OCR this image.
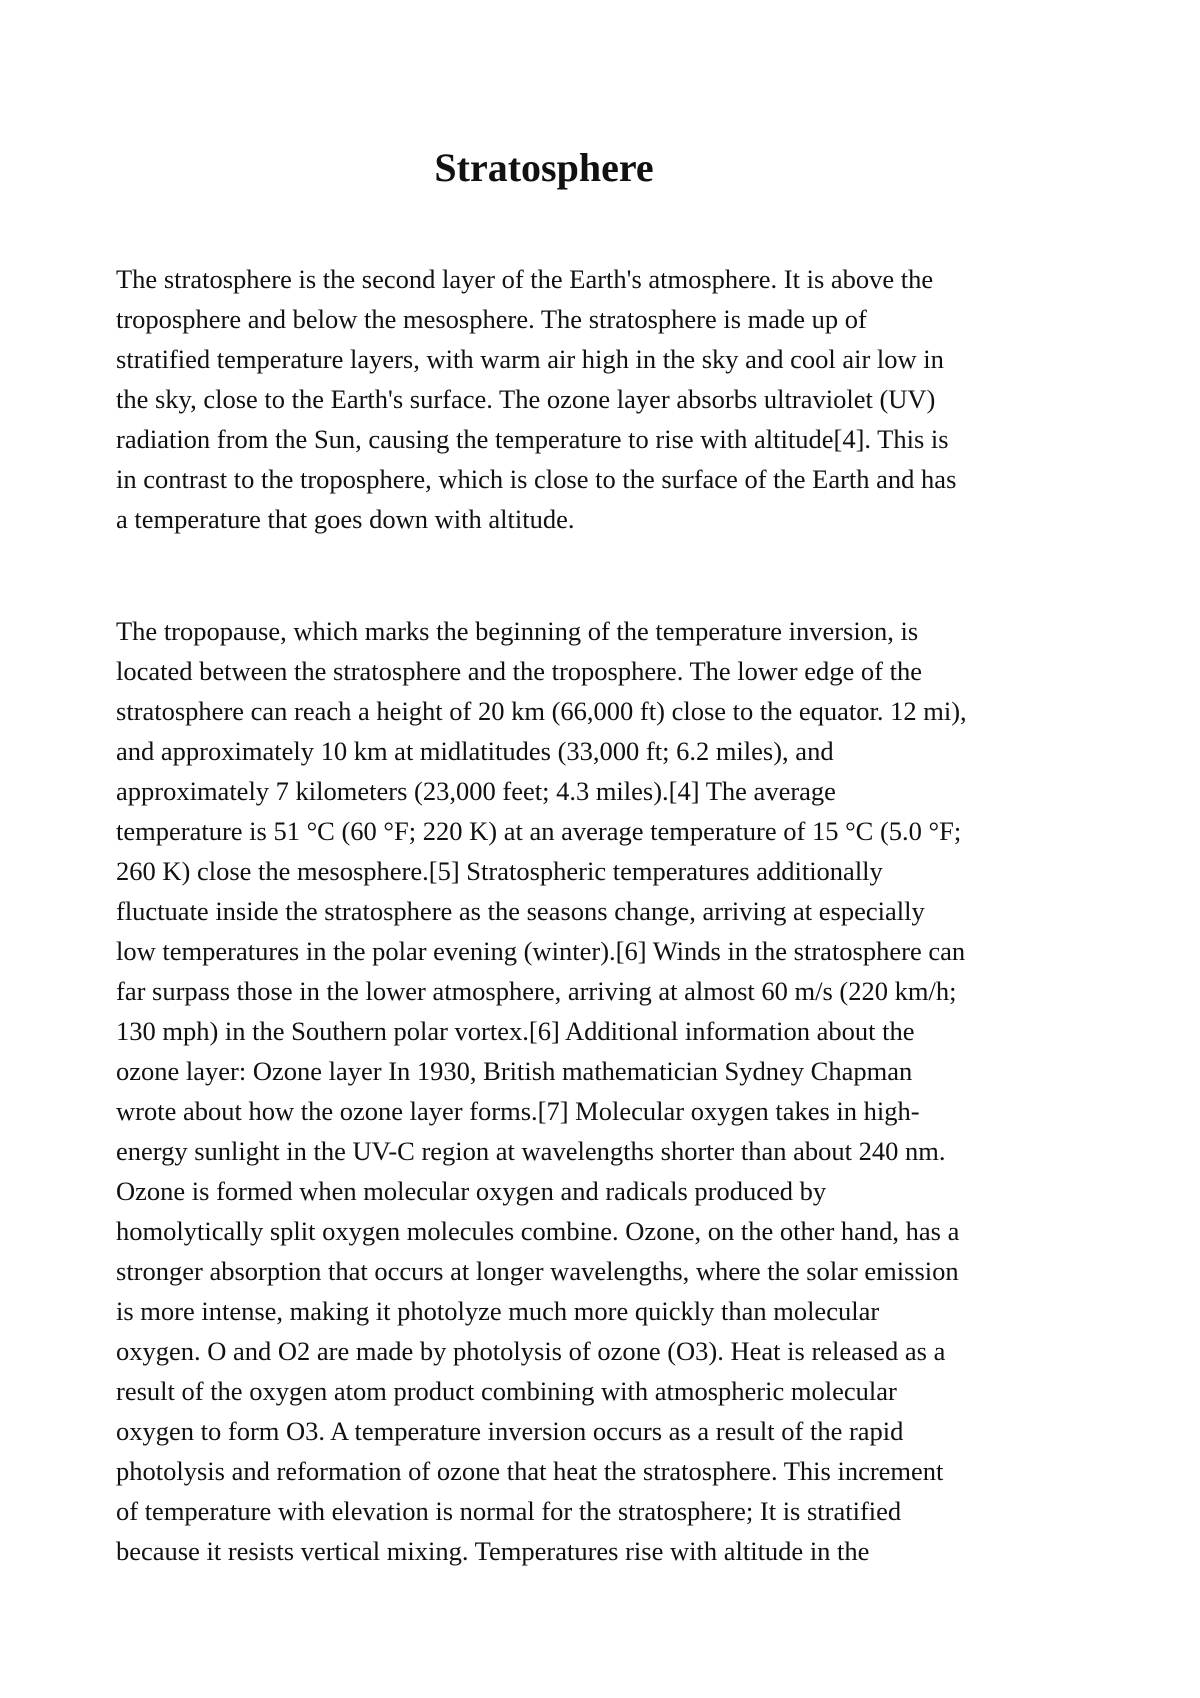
Stratosphere

The stratosphere is the second layer of the Earth's atmosphere. It is above the
troposphere and below the mesosphere. The stratosphere is made up of
stratified temperature layers, with warm air high in the sky and cool air low in
the sky, close to the Earth's surface. The ozone layer absorbs ultraviolet (UV)
radiation from the Sun, causing the temperature to rise with altitude[4]. This is
in contrast to the troposphere, which is close to the surface of the Earth and has
a temperature that goes down with altitude.

The tropopause, which marks the beginning of the temperature inversion, is
located between the stratosphere and the troposphere. The lower edge of the
stratosphere can reach a height of 20 km (66,000 ft) close to the equator. 12 mi),
and approximately 10 km at midlatitudes (33,000 ft; 6.2 miles), and
approximately 7 kilometers (23,000 feet; 4.3 miles).[4] The average
temperature is 51 °C (60 °F; 220 K) at an average temperature of 15 °C (5.0 °F;
260 K) close the mesosphere.[5] Stratospheric temperatures additionally
fluctuate inside the stratosphere as the seasons change, arriving at especially
low temperatures in the polar evening (winter).[6] Winds in the stratosphere can
far surpass those in the lower atmosphere, arriving at almost 60 m/s (220 km/h;
130 mph) in the Southern polar vortex.[6] Additional information about the
ozone layer: Ozone layer In 1930, British mathematician Sydney Chapman
wrote about how the ozone layer forms.[7] Molecular oxygen takes in high-
energy sunlight in the UV-C region at wavelengths shorter than about 240 nm.
Ozone is formed when molecular oxygen and radicals produced by
homolytically split oxygen molecules combine. Ozone, on the other hand, has a
stronger absorption that occurs at longer wavelengths, where the solar emission
is more intense, making it photolyze much more quickly than molecular
oxygen. O and O2 are made by photolysis of ozone (O3). Heat is released as a
result of the oxygen atom product combining with atmospheric molecular
oxygen to form O3. A temperature inversion occurs as a result of the rapid
photolysis and reformation of ozone that heat the stratosphere. This increment
of temperature with elevation is normal for the stratosphere; It is stratified
because it resists vertical mixing. Temperatures rise with altitude in the
